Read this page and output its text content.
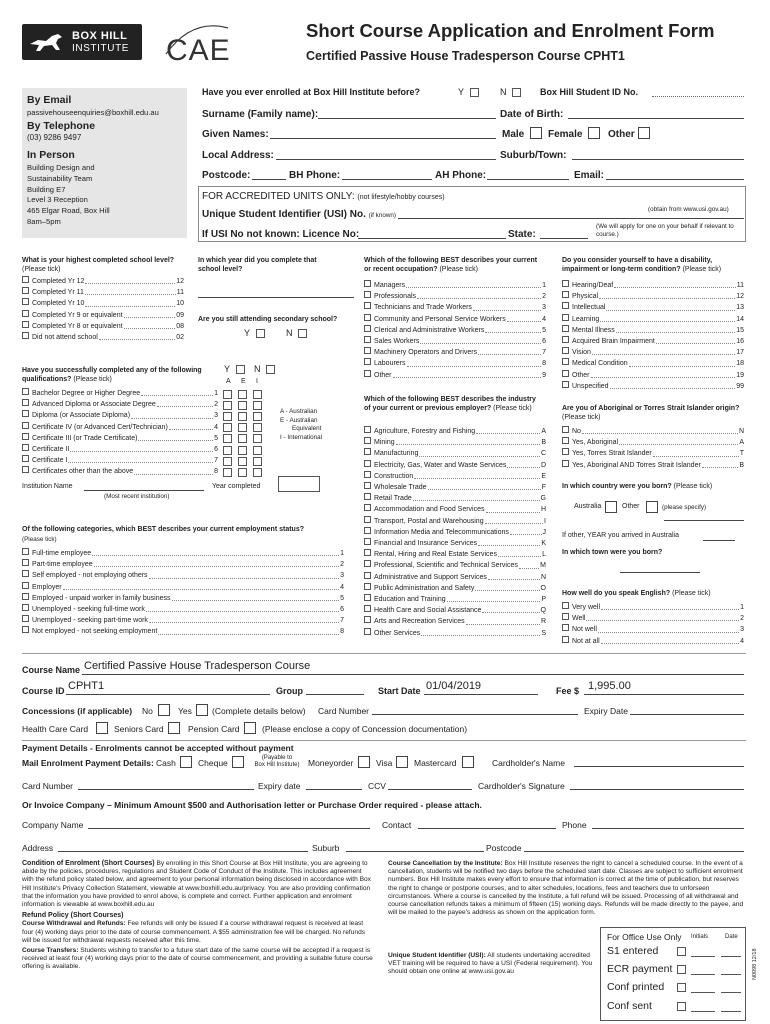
BOX HILL
INSTITUTE CAE
Short Course Application and Enrolment Form
Certified Passive House Tradesperson Course CPHT1
By Email
passivehouseenquiries@boxhill.edu.au
By Telephone
(03) 9286 9497
In Person
Building Design and
Sustainability Team
Building E7
Level 3 Reception
465 Elgar Road, Box Hill
8am–5pm
Have you ever enrolled at Box Hill Institute before?	Y	N	Box Hill Student ID No.
Surname (Family name):	Date of Birth:
Given Names:	Male Female	Other
Local Address:	Suburb/Town:
Postcode:	BH Phone:	AH Phone:	Email:
FOR ACCREDITED UNITS ONLY: (not lifestyle/hobby courses)
Unique Student Identifier (USI) No. (if known)
(obtain from www.usi.gov.au)
If USI No not known: Licence No:	State:
(We will apply for one on your behalf if relevant to course.)
What is your highest completed school level? (Please tick)
Completed Yr 12	12
Completed Yr 11	11
Completed Yr 10	10
Completed Yr 9 or equivalent	09
Completed Yr 8 or equivalent	08
Did not attend school	02
In which year did you complete that school level?
Are you still attending secondary school?
Y	N
Have you successfully completed any of the following qualifications? (Please tick)
Y	N
A E I
Bachelor Degree or Higher Degree	1
Advanced Diploma or Associate Degree	2
Diploma (or Associate Diploma)	3
Certificate IV (or Advanced Cert/Technician)	4
Certificate III (or Trade Certificate)	5
Certificate II	6
Certificate I	7
Certificates other than the above	8
A - Australian
E - Australian
Equivalent
I - International
Institution Name
(Most recent institution)
Year completed
Of the following categories, which BEST describes your current employment status?
(Please tick)
Full-time employee	1
Part-time employee	2
Self employed - not employing others	3
Employer	4
Employed - unpaid worker in family business	5
Unemployed - seeking full-time work	6
Unemployed - seeking part-time work	7
Not employed - not seeking employment	8
Which of the following BEST describes your current or recent occupation? (Please tick)
Managers	1
Professionals	2
Technicians and Trade Workers	3
Community and Personal Service Workers	4
Clerical and Administrative Workers	5
Sales Workers	6
Machinery Operators and Drivers	7
Labourers	8
Other	9
Which of the following BEST describes the industry of your current or previous employer? (Please tick)
Agriculture, Forestry and Fishing	A
Mining	B
Manufacturing	C
Electricity, Gas, Water and Waste Services	D
Construction	E
Wholesale Trade	F
Retail Trade	G
Accommodation and Food Services	H
Transport, Postal and Warehousing	I
Information Media and Telecommunications	J
Financial and Insurance Services	K
Rental, Hiring and Real Estate Services	L
Professional, Scientific and Technical Services	M
Administrative and Support Services	N
Public Administration and Safety	O
Education and Training	P
Health Care and Social Assistance	Q
Arts and Recreation Services	R
Other Services	S
Do you consider yourself to have a disability, impairment or long-term condition? (Please tick)
Hearing/Deaf	11
Physical	12
Intellectual	13
Learning	14
Mental Illness	15
Acquired Brain Impairment	16
Vision	17
Medical Condition	18
Other	19
Unspecified	99
Are you of Aboriginal or Torres Strait Islander origin? (Please tick)
No	N
Yes, Aboriginal	A
Yes, Torres Strait Islander	T
Yes, Aboriginal AND Torres Strait Islander	B
In which country were you born? (Please tick)
Australia	Other	(please specify)
If other, YEAR you arrived in Australia
In which town were you born?
How well do you speak English? (Please tick)
Very well	1
Well	2
Not well	3
Not at all	4
Course Name Certified Passive House Tradesperson Course
Course ID CPHT1	Group	Start Date 01/04/2019	Fee $ 1,995.00
Concessions (if applicable) No	Yes (Complete details below) Card Number	Expiry Date
Health Care Card	Seniors Card	Pension Card	(Please enclose a copy of Concession documentation)
Payment Details - Enrolments cannot be accepted without payment
Mail Enrolment Payment Details: Cash	Cheque	(Payable to
Box Hill Institute)	Moneyorder	Visa	Mastercard	Cardholder's Name
Card Number	Expiry date	CCV	Cardholder's Signature
Or Invoice Company – Minimum Amount $500 and Authorisation letter or Purchase Order required - please attach.
Company Name	Contact	Phone
Address	Suburb	Postcode
Condition of Enrolment (Short Courses) By enrolling in this Short Course at Box Hill Institute, you are agreeing to abide by the policies, procedures, regulations and Student Code of Conduct of the Institute. This includes agreement with the refund policy stated below, and agreement to your personal information being disclosed in accordance with Box Hill Institute's Privacy Collection Statement, viewable at www.boxhill.edu.au/privacy. You are also providing confirmation that the information you have provided to enrol above, is complete and correct. Further application and enrolment information is viewable at www.boxhill.edu.au
Refund Policy (Short Courses)
Course Withdrawal and Refunds: Fee refunds will only be issued if a course withdrawal request is received at least four (4) working days prior to the date of course commencement. A $55 administration fee will be charged. No refunds will be issued for withdrawal requests received after this time.
Course Transfers: Students wishing to transfer to a future start date of the same course will be accepted if a request is received at least four (4) working days prior to the date of course commencement, and providing a suitable future course offering is available.
Course Cancellation by the Institute: Box Hill Institute reserves the right to cancel a scheduled course. In the event of a cancellation, students will be notified two days before the scheduled start date. Classes are subject to sufficient enrolment numbers. Box Hill Institute makes every effort to ensure that information is correct at the time of publication, but reserves the right to change or postpone courses, and to alter schedules, locations, fees and teachers due to unforseen circumstances. Where a course is cancelled by the Institute, a full refund will be issued. Processing of all withdrawal and course cancellation refunds takes a minimum of fifteen (15) working days. Refunds will be made directly to the payee, and will be mailed to the payee's address as shown on the application form.
Unique Student Identifier (USI): All students undertaking accredited VET training will be required to have a USI (Federal requirement). You should obtain one online at www.usi.gov.au
For Office Use Only Initials	Date
S1 entered
ECR payment
Conf printed
Conf sent
N0098 12/18
